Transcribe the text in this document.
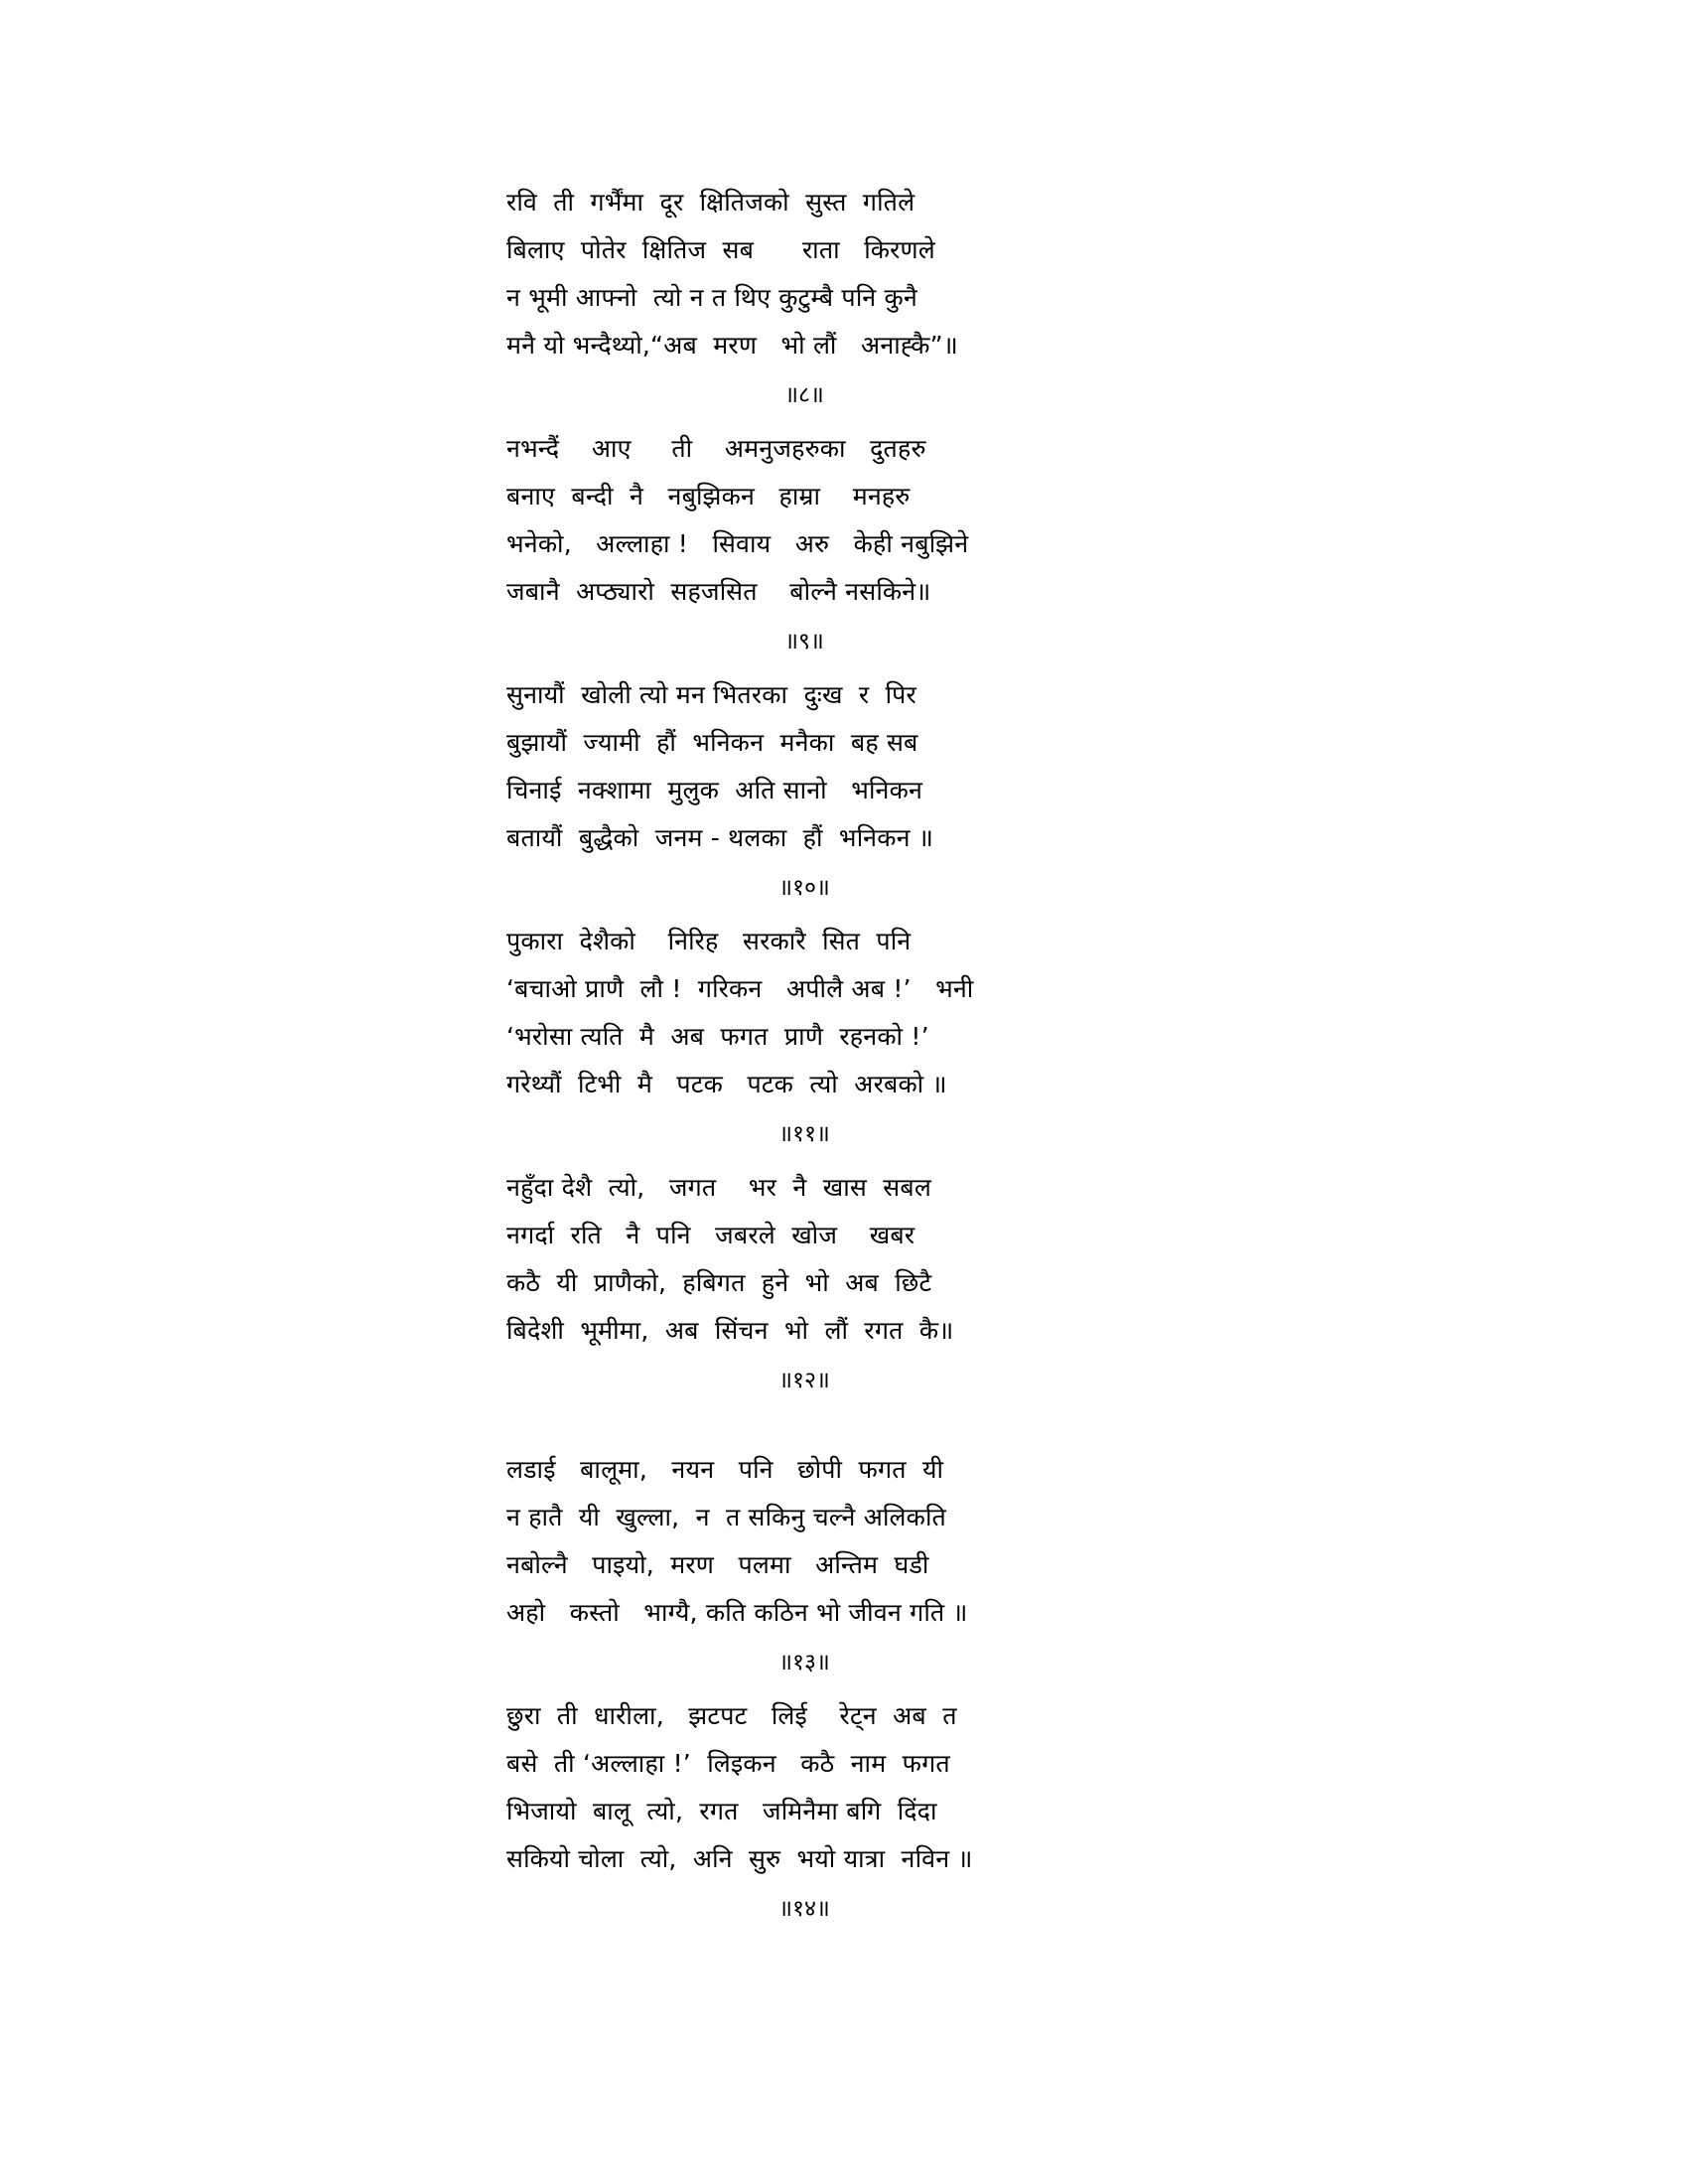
रवि  ती  गर्भैंमा  दूर  क्षितिजको  सुस्त  गतिले
बिलाए  पोतेर  क्षितिज  सब      राता   किरणले
न भूमी आफ्नो  त्यो न त थिए कुटुम्बै पनि कुनै
मनै यो भन्दैथ्यो,“अब  मरण   भो लौं   अनाह्कै”॥
॥८॥
नभन्दैं    आए     ती    अमनुजहरुका   दुतहरु
बनाए  बन्दी  नै   नबुझिकन   हाम्रा    मनहरु
भनेको,   अल्लाहा !   सिवाय   अरु   केही नबुझिने
जबानै  अप्ठ्यारो  सहजसित    बोल्नै नसकिने॥
॥९॥
सुनायौं  खोली त्यो मन भितरका  दुःख  र  पिर
बुझायौं  ज्यामी  हौं  भनिकन  मनैका  बह सब
चिनाई  नक्शामा  मुलुक  अति सानो   भनिकन
बतायौं  बुद्धैको  जनम - थलका  हौं  भनिकन ॥
॥१०॥
पुकारा  देशैको    निरिह   सरकारै  सित  पनि
‘बचाओ प्राणै  लौ !  गरिकन   अपीलै अब !’   भनी
‘भरोसा त्यति  मै  अब  फगत  प्राणै  रहनको !’
गरेथ्यौं  टिभी  मै   पटक   पटक  त्यो  अरबको ॥
॥११॥
नहुँदा देशै  त्यो,   जगत    भर  नै  खास  सबल
नगर्दा  रति   नै  पनि   जबरले  खोज    खबर
कठै  यी  प्राणैको,  हबिगत  हुने  भो  अब  छिटै
बिदेशी  भूमीमा,  अब  सिंचन  भो  लौं  रगत  कै॥
॥१२॥
लडाई   बालूमा,   नयन   पनि   छोपी  फगत  यी
न हातै  यी  खुल्ला,  न  त सकिनु चल्नै अलिकति
नबोल्नै   पाइयो,  मरण   पलमा   अन्तिम  घडी
अहो   कस्तो   भाग्यै, कति कठिन भो जीवन गति ॥
॥१३॥
छुरा  ती  धारीला,   झटपट   लिई    रेट्न  अब  त
बसे  ती ‘अल्लाहा !’  लिइकन   कठै  नाम  फगत
भिजायो  बालू  त्यो,  रगत   जमिनैमा बगि  दिंदा
सकियो चोला  त्यो,  अनि  सुरु  भयो यात्रा  नविन ॥
॥१४॥
